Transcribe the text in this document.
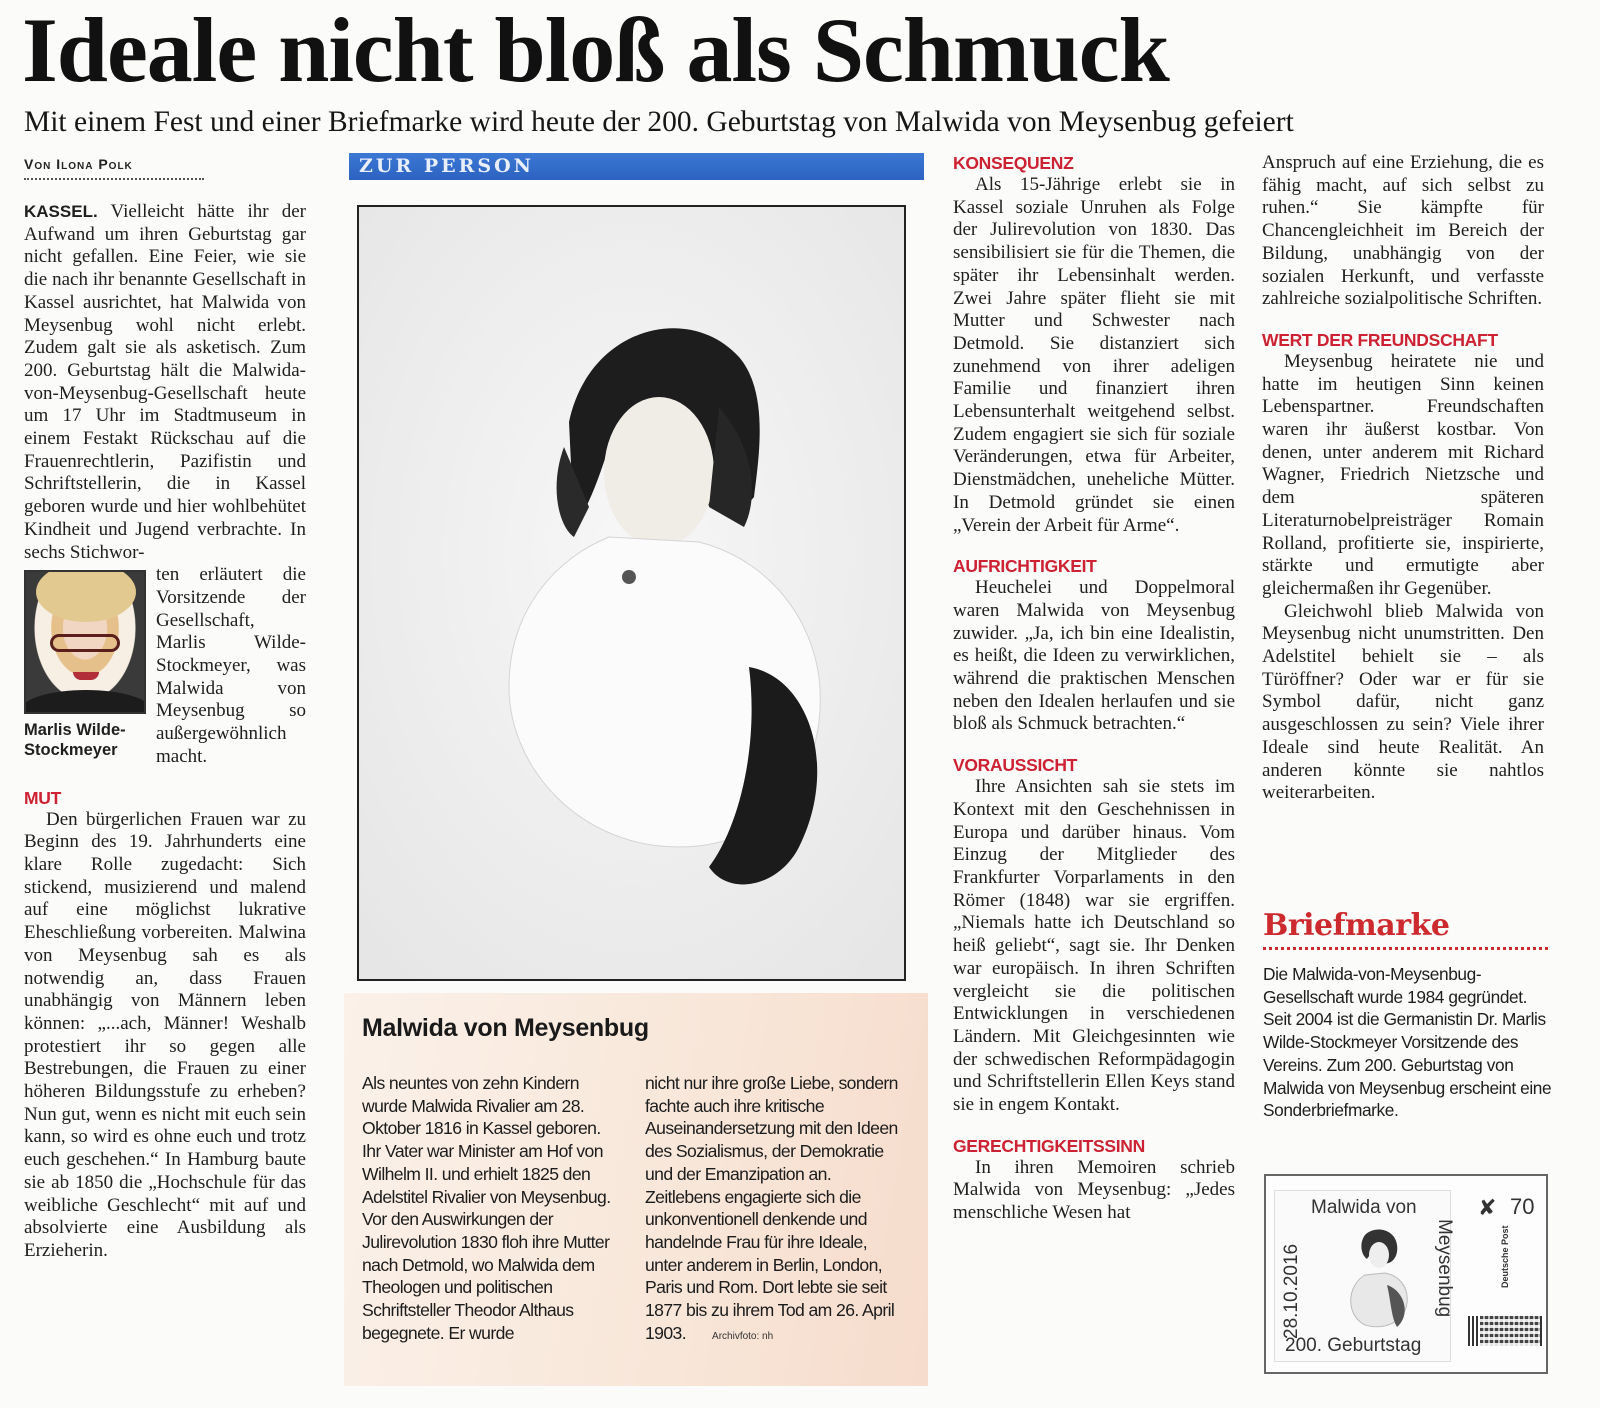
Ideale nicht bloß als Schmuck
Mit einem Fest und einer Briefmarke wird heute der 200. Geburtstag von Malwida von Meysenbug gefeiert
Von Ilona Polk

KASSEL. Vielleicht hätte ihr der Aufwand um ihren Geburtstag gar nicht gefallen. Eine Feier, wie sie die nach ihr benannte Gesellschaft in Kassel ausrichtet, hat Malwida von Meysenbug wohl nicht erlebt. Zudem galt sie als asketisch. Zum 200. Geburtstag hält die Malwida-von-Meysenbug-Gesellschaft heute um 17 Uhr im Stadtmuseum in einem Festakt Rückschau auf die Frauenrechtlerin, Pazifistin und Schriftstellerin, die in Kassel geboren wurde und hier wohlbehütet Kindheit und Jugend verbrachte. In sechs Stichwor-

Marlis Wilde-Stockmeyer

ten erläutert die Vorsitzende der Gesellschaft, Marlis Wilde-Stockmeyer, was Malwida von Meysenbug so außergewöhnlich macht.

MUT

Den bürgerlichen Frauen war zu Beginn des 19. Jahrhunderts eine klare Rolle zugedacht: Sich stickend, musizierend und malend auf eine möglichst lukrative Eheschließung vorbereiten. Malwina von Meysenbug sah es als notwendig an, dass Frauen unabhängig von Männern leben können: „...ach, Männer! Weshalb protestiert ihr so gegen alle Bestrebungen, die Frauen zu einer höheren Bildungsstufe zu erheben? Nun gut, wenn es nicht mit euch sein kann, so wird es ohne euch und trotz euch geschehen.“ In Hamburg baute sie ab 1850 die „Hochschule für das weibliche Geschlecht“ mit auf und absolvierte eine Ausbildung als Erzieherin.

ZUR PERSON
Malwida von Meysenbug
Als neuntes von zehn Kindern wurde Malwida Rivalier am 28. Oktober 1816 in Kassel geboren. Ihr Vater war Minister am Hof von Wilhelm II. und erhielt 1825 den Adelstitel Rivalier von Meysenbug. Vor den Auswirkungen der Julirevolution 1830 floh ihre Mutter nach Detmold, wo Malwida dem Theologen und politischen Schriftsteller Theodor Althaus begegnete. Er wurde
nicht nur ihre große Liebe, sondern fachte auch ihre kritische Auseinandersetzung mit den Ideen des Sozialismus, der Demokratie und der Emanzipation an. Zeitlebens engagierte sich die unkonventionell denkende und handelnde Frau für ihre Ideale, unter anderem in Berlin, London, Paris und Rom. Dort lebte sie seit 1877 bis zu ihrem Tod am 26. April 1903.	Archivfoto: nh

KONSEQUENZ

Als 15-Jährige erlebt sie in Kassel soziale Unruhen als Folge der Julirevolution von 1830. Das sensibilisiert sie für die Themen, die später ihr Lebensinhalt werden. Zwei Jahre später flieht sie mit Mutter und Schwester nach Detmold. Sie distanziert sich zunehmend von ihrer adeligen Familie und finanziert ihren Lebensunterhalt weitgehend selbst. Zudem engagiert sie sich für soziale Veränderungen, etwa für Arbeiter, Dienstmädchen, uneheliche Mütter. In Detmold gründet sie einen „Verein der Arbeit für Arme“.

AUFRICHTIGKEIT

Heuchelei und Doppelmoral waren Malwida von Meysenbug zuwider. „Ja, ich bin eine Idealistin, es heißt, die Ideen zu verwirklichen, während die praktischen Menschen neben den Idealen herlaufen und sie bloß als Schmuck betrachten.“

VORAUSSICHT

Ihre Ansichten sah sie stets im Kontext mit den Geschehnissen in Europa und darüber hinaus. Vom Einzug der Mitglieder des Frankfurter Vorparlaments in den Römer (1848) war sie ergriffen. „Niemals hatte ich Deutschland so heiß geliebt“, sagt sie. Ihr Denken war europäisch. In ihren Schriften vergleicht sie die politischen Entwicklungen in verschiedenen Ländern. Mit Gleichgesinnten wie der schwedischen Reformpädagogin und Schriftstellerin Ellen Keys stand sie in engem Kontakt.

GERECHTIGKEITSSINN

In ihren Memoiren schrieb Malwida von Meysenbug: „Jedes menschliche Wesen hat

Anspruch auf eine Erziehung, die es fähig macht, auf sich selbst zu ruhen.“ Sie kämpfte für Chancengleichheit im Bereich der Bildung, unabhängig von der sozialen Herkunft, und verfasste zahlreiche sozialpolitische Schriften.

WERT DER FREUNDSCHAFT

Meysenbug heiratete nie und hatte im heutigen Sinn keinen Lebenspartner. Freundschaften waren ihr äußerst kostbar. Von denen, unter anderem mit Richard Wagner, Friedrich Nietzsche und dem späteren Literaturnobelpreisträger Romain Rolland, profitierte sie, inspirierte, stärkte und ermutigte aber gleichermaßen ihr Gegenüber.

Gleichwohl blieb Malwida von Meysenbug nicht unumstritten. Den Adelstitel behielt sie – als Türöffner? Oder war er für sie Symbol dafür, nicht ganz ausgeschlossen zu sein? Viele ihrer Ideale sind heute Realität. An anderen könnte sie nahtlos weiterarbeiten.

Briefmarke
Die Malwida-von-Meysenbug-Gesellschaft wurde 1984 gegründet. Seit 2004 ist die Germanistin Dr. Marlis Wilde-Stockmeyer Vorsitzende des Vereins. Zum 200. Geburtstag von Malwida von Meysenbug erscheint eine Sonderbriefmarke.
Malwida von
Meysenbug
28.10.2016
200. Geburtstag
✘ 70
Deutsche Post
